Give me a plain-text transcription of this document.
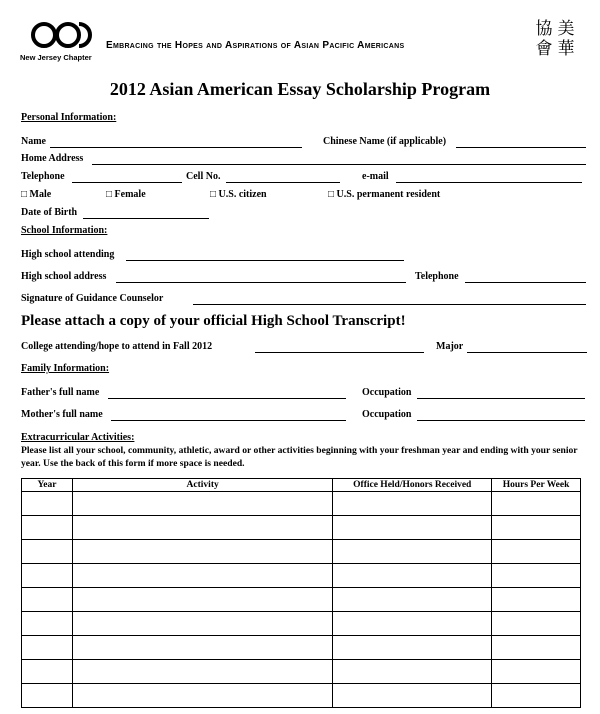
New Jersey Chapter
Embracing the Hopes and Aspirations of Asian Pacific Americans
協 美
會 華
2012 Asian American Essay Scholarship Program
Personal Information:
Name	Chinese Name (if applicable)
Home Address
Telephone	Cell No.	e-mail
□ Male	□ Female	□ U.S. citizen	□ U.S. permanent resident
Date of Birth
School Information:
High school attending
High school address	Telephone
Signature of Guidance Counselor
Please attach a copy of your official High School Transcript!
College attending/hope to attend in Fall 2012	Major
Family Information:
Father's full name	Occupation
Mother's full name	Occupation
Extracurricular Activities:
Please list all your school, community, athletic, award or other activities beginning with your freshman year and ending with your senior year. Use the back of this form if more space is needed.
Year	Activity	Office Held/Honors Received	Hours Per Week
